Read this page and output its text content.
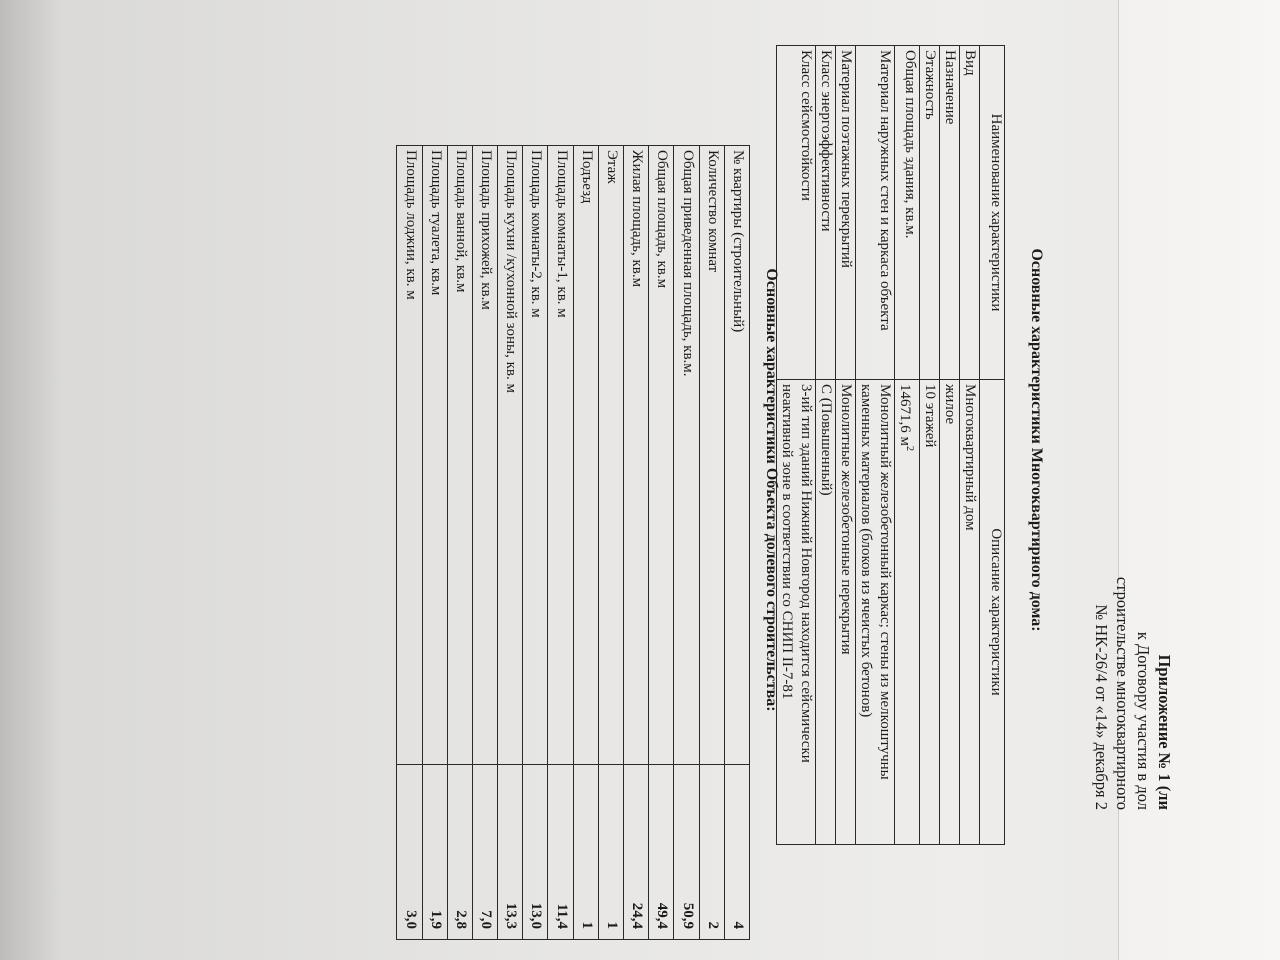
Приложение № 1 (ли
к Договору участия в дол
строительстве многоквартирного
№ НК-26/4 от «14» декабря 2
Основные характеристики Многоквартирного дома:
Наименование характеристики	Описание характеристики
Вид	Многоквартирный дом
Назначение	жилое
Этажность	10 этажей
Общая площадь здания, кв.м.	14671,6 $м^2$
Материал наружных стен и каркаса объекта	Монолитный железобетонный каркас; стены из мелкоштучны каменных материалов (блоков из ячеистых бетонов)
Материал поэтажных перекрытий	Монолитные железобетонные перекрытия
Класс энергоэффективности	С (Повышенный)
Класс сейсмостойкости	3-ий тип зданий Нижний Новгород находится сейсмически неактивной зоне в соответствии со СНИП II-7-81
Основные характеристики Объекта долевого строительства:
№ квартиры (строительный)	4
Количество комнат	2
Общая приведенная площадь, кв.м.	50,9
Общая площадь, кв.м	49,4
Жилая площадь, кв.м	24,4
Этаж	1
Подъезд	1
Площадь комнаты-1, кв. м	11,4
Площадь комнаты-2, кв. м	13,0
Площадь кухни /кухонной зоны, кв. м	13,3
Площадь прихожей, кв.м	7,0
Площадь ванной, кв.м	2,8
Площадь туалета, кв.м	1,9
Площадь лоджии, кв. м	3,0
